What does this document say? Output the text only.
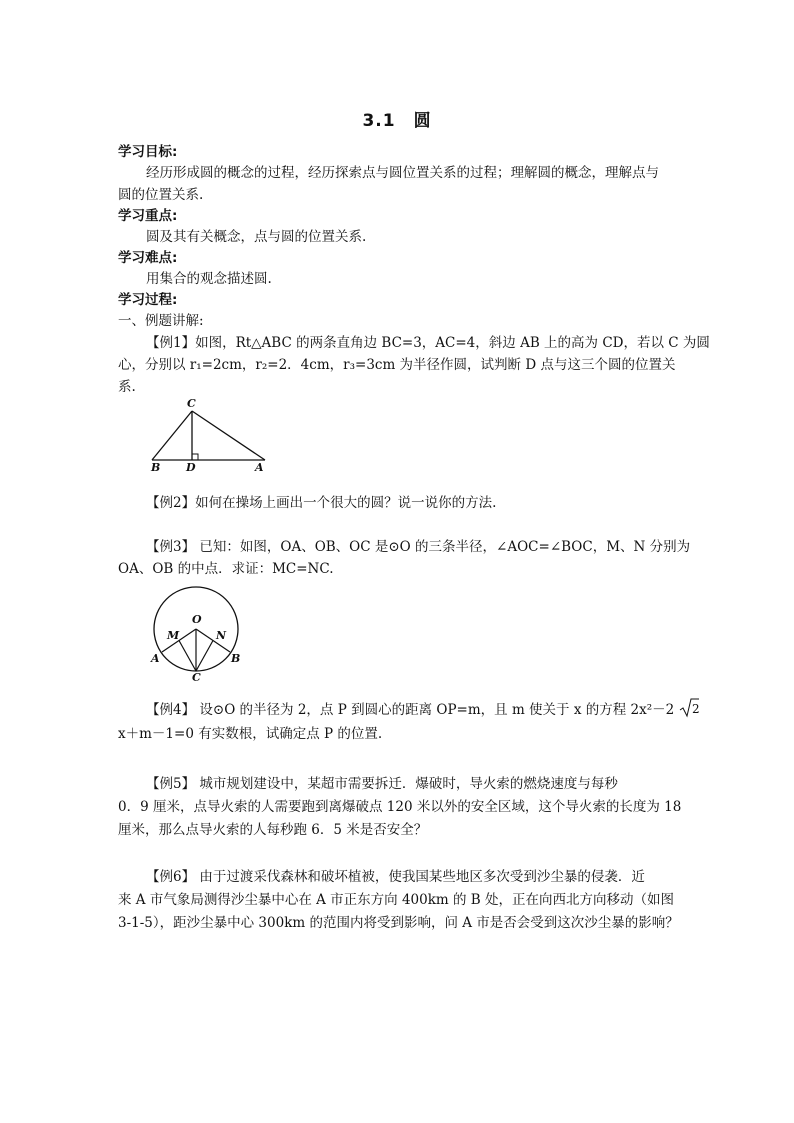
3.1 圆
学习目标:
经历形成圆的概念的过程，经历探索点与圆位置关系的过程；理解圆的概念，理解点与
圆的位置关系.
学习重点:
圆及其有关概念，点与圆的位置关系.
学习难点:
用集合的观念描述圆.
学习过程:
一、例题讲解:
【例1】如图，Rt△ABC 的两条直角边 BC=3，AC=4，斜边 AB 上的高为 CD，若以 C 为圆
心，分别以 r₁=2cm，r₂=2．4cm，r₃=3cm 为半径作圆，试判断 D 点与这三个圆的位置关
系.
C
B D	A
【例2】如何在操场上画出一个很大的圆？说一说你的方法.
【例3】 已知：如图，OA、OB、OC 是⊙O 的三条半径，∠AOC=∠BOC，M、N 分别为
OA、OB 的中点．求证：MC=NC.
O
M	N
A	B
C
【例4】 设⊙O 的半径为 2，点 P 到圆心的距离 OP=m，且 m 使关于 x 的方程 2x²－2 2
x＋m－1=0 有实数根，试确定点 P 的位置.
【例5】 城市规划建设中，某超市需要拆迁．爆破时，导火索的燃烧速度与每秒
0．9 厘米，点导火索的人需要跑到离爆破点 120 米以外的安全区域，这个导火索的长度为 18
厘米，那么点导火索的人每秒跑 6．5 米是否安全？
【例6】 由于过渡采伐森林和破坏植被，使我国某些地区多次受到沙尘暴的侵袭．近
来 A 市气象局测得沙尘暴中心在 A 市正东方向 400km 的 B 处，正在向西北方向移动（如图
3-1-5），距沙尘暴中心 300km 的范围内将受到影响，问 A 市是否会受到这次沙尘暴的影响？
